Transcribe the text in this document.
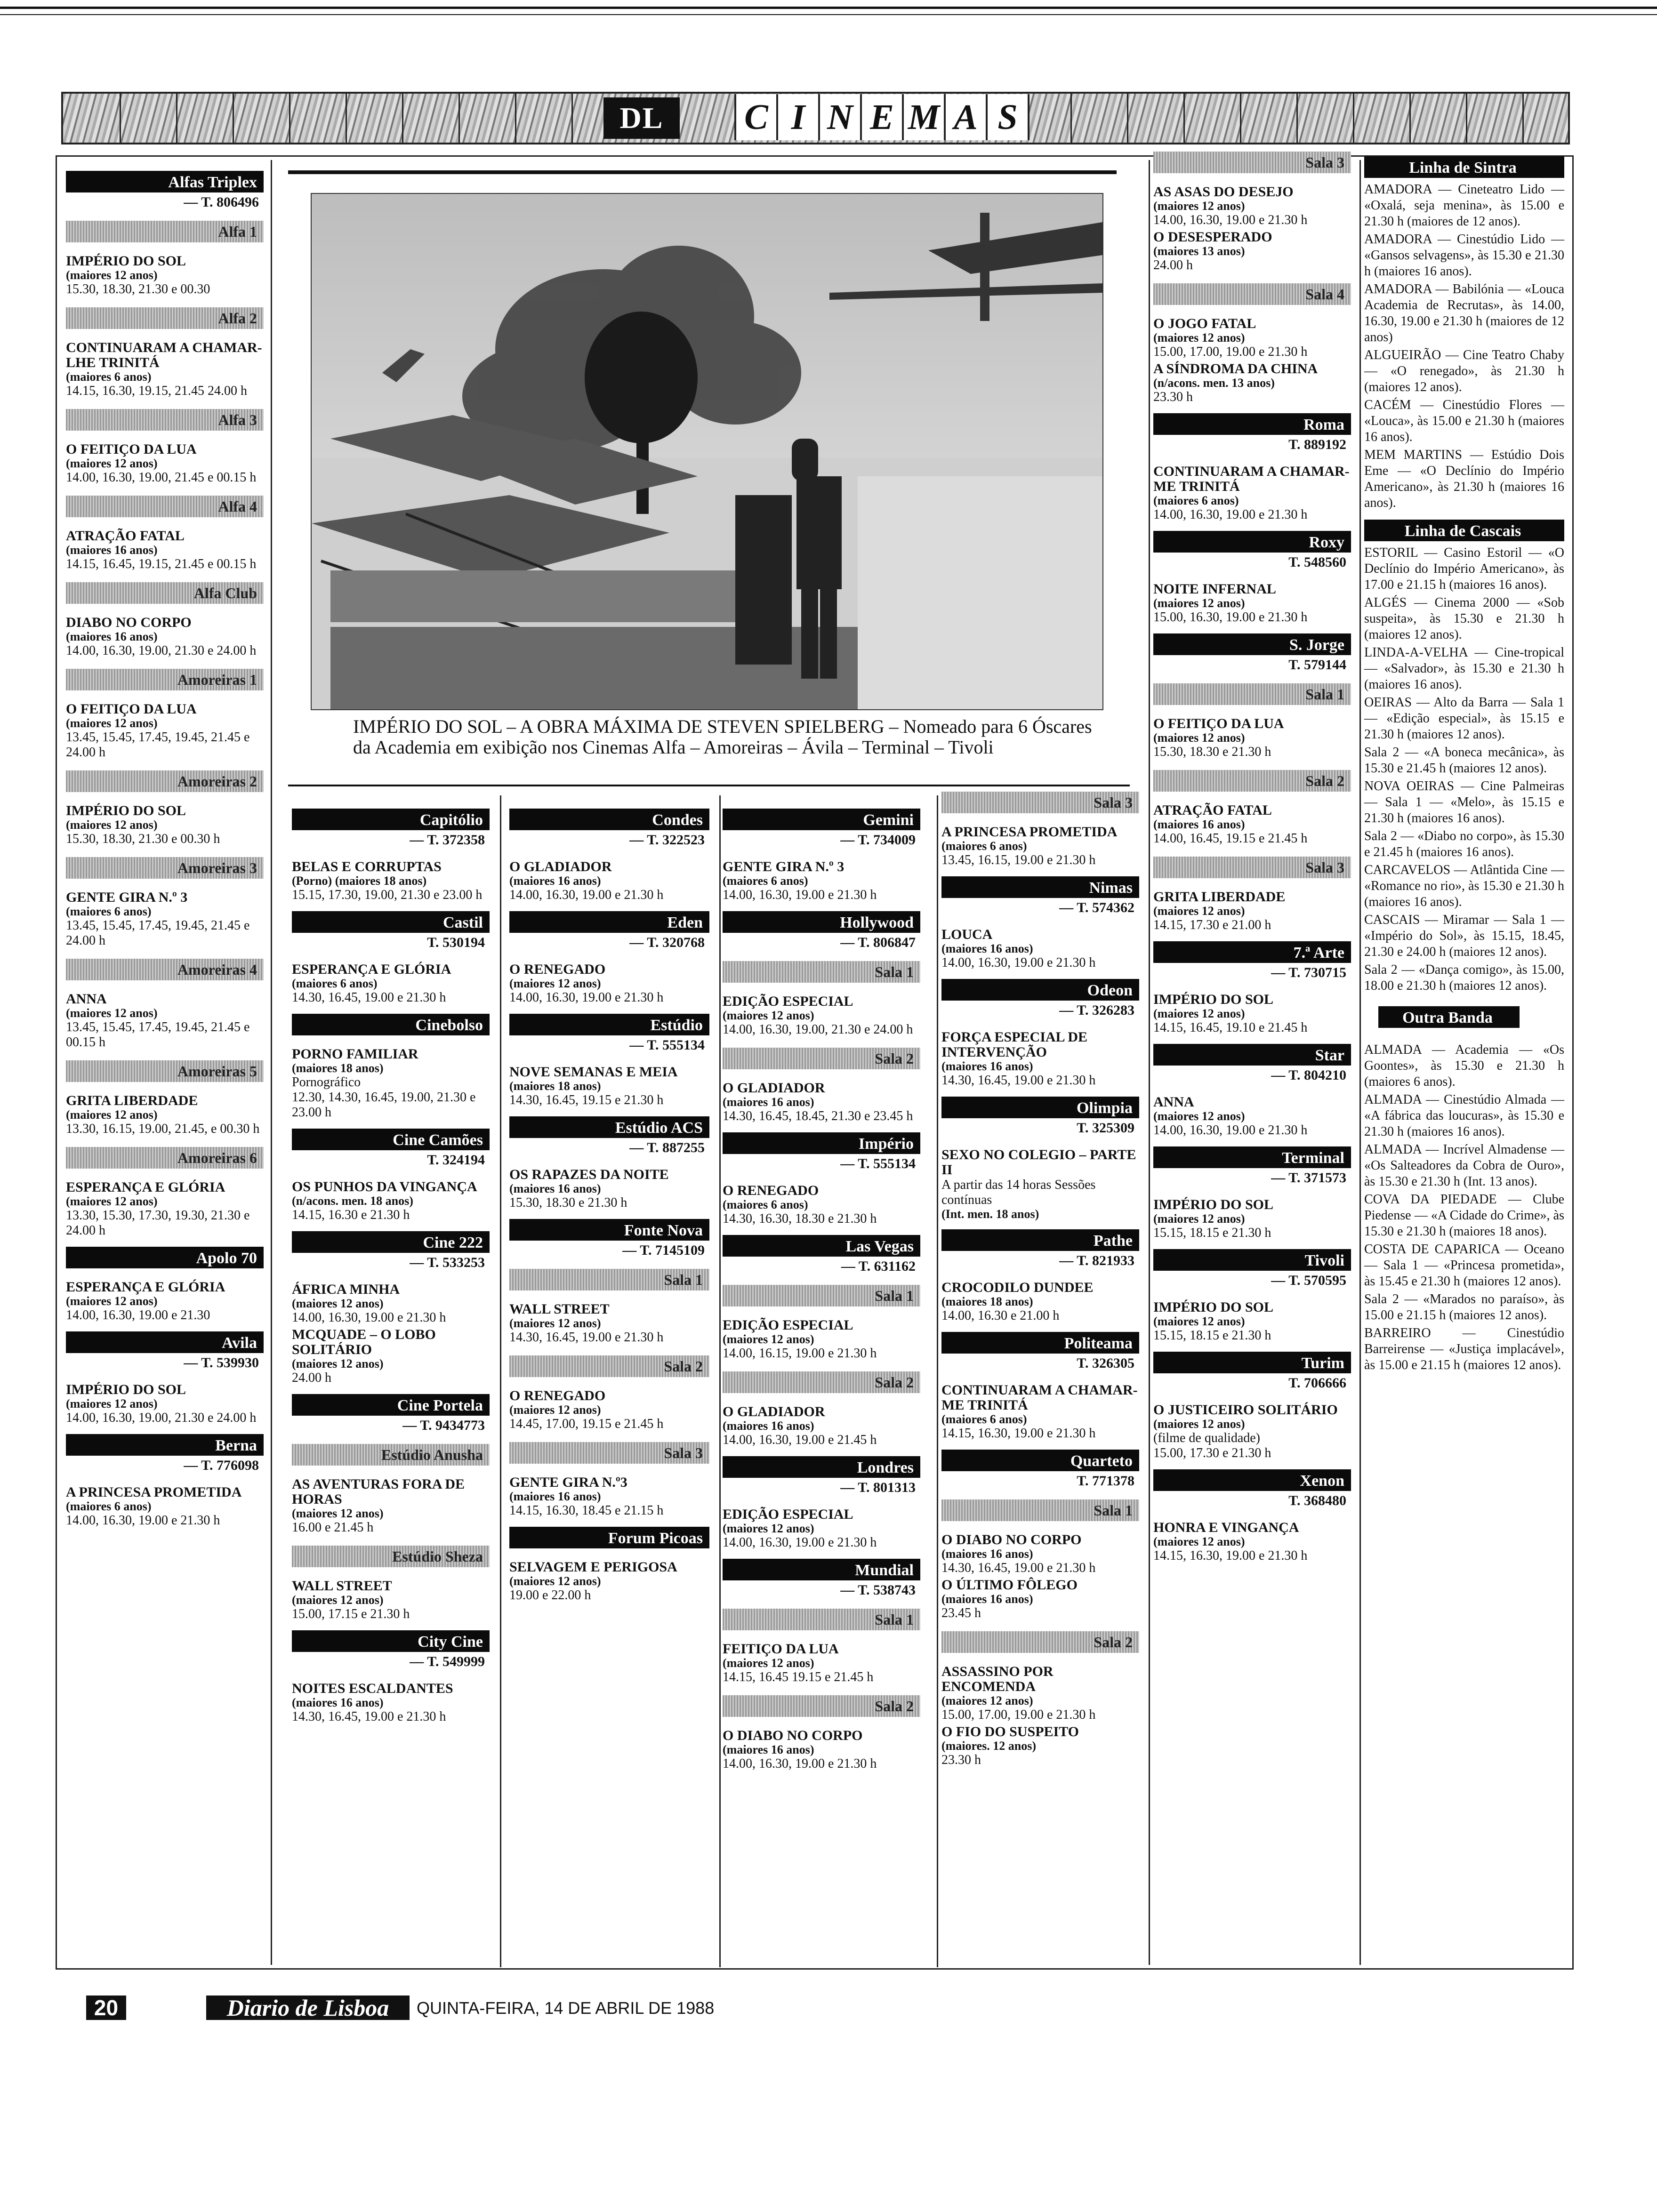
DL	C I N E M A S
IMPÉRIO DO SOL – A OBRA MÁXIMA DE STEVEN SPIELBERG – Nomeado para 6 Óscares da Academia em exibição nos Cinemas Alfa – Amoreiras – Ávila – Terminal – Tivoli
Alfas Triplex
— T. 806496
Alfa 1
IMPÉRIO DO SOL
(maiores 12 anos)
15.30, 18.30, 21.30 e 00.30
Alfa 2
CONTINUARAM A CHAMAR-LHE TRINITÁ
(maiores 6 anos)
14.15, 16.30, 19.15, 21.45 24.00 h
Alfa 3
O FEITIÇO DA LUA
(maiores 12 anos)
14.00, 16.30, 19.00, 21.45 e 00.15 h
Alfa 4
ATRAÇÃO FATAL
(maiores 16 anos)
14.15, 16.45, 19.15, 21.45 e 00.15 h
Alfa Club
DIABO NO CORPO
(maiores 16 anos)
14.00, 16.30, 19.00, 21.30 e 24.00 h
Amoreiras 1
O FEITIÇO DA LUA
(maiores 12 anos)
13.45, 15.45, 17.45, 19.45, 21.45 e 24.00 h
Amoreiras 2
IMPÉRIO DO SOL
(maiores 12 anos)
15.30, 18.30, 21.30 e 00.30 h
Amoreiras 3
GENTE GIRA N.º 3
(maiores 6 anos)
13.45, 15.45, 17.45, 19.45, 21.45 e 24.00 h
Amoreiras 4
ANNA
(maiores 12 anos)
13.45, 15.45, 17.45, 19.45, 21.45 e 00.15 h
Amoreiras 5
GRITA LIBERDADE
(maiores 12 anos)
13.30, 16.15, 19.00, 21.45, e 00.30 h
Amoreiras 6
ESPERANÇA E GLÓRIA
(maiores 12 anos)
13.30, 15.30, 17.30, 19.30, 21.30 e 24.00 h
Apolo 70
ESPERANÇA E GLÓRIA
(maiores 12 anos)
14.00, 16.30, 19.00 e 21.30
Avila
— T. 539930
IMPÉRIO DO SOL
(maiores 12 anos)
14.00, 16.30, 19.00, 21.30 e 24.00 h
Berna
— T. 776098
A PRINCESA PROMETIDA
(maiores 6 anos)
14.00, 16.30, 19.00 e 21.30 h
Capitólio
— T. 372358
BELAS E CORRUPTAS
(Porno) (maiores 18 anos)
15.15, 17.30, 19.00, 21.30 e 23.00 h
Castil
T. 530194
ESPERANÇA E GLÓRIA
(maiores 6 anos)
14.30, 16.45, 19.00 e 21.30 h
Cinebolso
PORNO FAMILIAR
(maiores 18 anos)
Pornográfico
12.30, 14.30, 16.45, 19.00, 21.30 e 23.00 h
Cine Camões
T. 324194
OS PUNHOS DA VINGANÇA
(n/acons. men. 18 anos)
14.15, 16.30 e 21.30 h
Cine 222
— T. 533253
ÁFRICA MINHA
(maiores 12 anos)
14.00, 16.30, 19.00 e 21.30 h
MCQUADE – O LOBO SOLITÁRIO
(maiores 12 anos)
24.00 h
Cine Portela
— T. 9434773
Estúdio Anusha
AS AVENTURAS FORA DE HORAS
(maiores 12 anos)
16.00 e 21.45 h
Estúdio Sheza
WALL STREET
(maiores 12 anos)
15.00, 17.15 e 21.30 h
City Cine
— T. 549999
NOITES ESCALDANTES
(maiores 16 anos)
14.30, 16.45, 19.00 e 21.30 h
Condes
— T. 322523
O GLADIADOR
(maiores 16 anos)
14.00, 16.30, 19.00 e 21.30 h
Eden
— T. 320768
O RENEGADO
(maiores 12 anos)
14.00, 16.30, 19.00 e 21.30 h
Estúdio
— T. 555134
NOVE SEMANAS E MEIA
(maiores 18 anos)
14.30, 16.45, 19.15 e 21.30 h
Estúdio ACS
— T. 887255
OS RAPAZES DA NOITE
(maiores 16 anos)
15.30, 18.30 e 21.30 h
Fonte Nova
— T. 7145109
Sala 1
WALL STREET
(maiores 12 anos)
14.30, 16.45, 19.00 e 21.30 h
Sala 2
O RENEGADO
(maiores 12 anos)
14.45, 17.00, 19.15 e 21.45 h
Sala 3
GENTE GIRA N.º3
(maiores 16 anos)
14.15, 16.30, 18.45 e 21.15 h
Forum Picoas
SELVAGEM E PERIGOSA
(maiores 12 anos)
19.00 e 22.00 h
Gemini
— T. 734009
GENTE GIRA N.º 3
(maiores 6 anos)
14.00, 16.30, 19.00 e 21.30 h
Hollywood
— T. 806847
Sala 1
EDIÇÃO ESPECIAL
(maiores 12 anos)
14.00, 16.30, 19.00, 21.30 e 24.00 h
Sala 2
O GLADIADOR
(maiores 16 anos)
14.30, 16.45, 18.45, 21.30 e 23.45 h
Império
— T. 555134
O RENEGADO
(maiores 6 anos)
14.30, 16.30, 18.30 e 21.30 h
Las Vegas
— T. 631162
Sala 1
EDIÇÃO ESPECIAL
(maiores 12 anos)
14.00, 16.15, 19.00 e 21.30 h
Sala 2
O GLADIADOR
(maiores 16 anos)
14.00, 16.30, 19.00 e 21.45 h
Londres
— T. 801313
EDIÇÃO ESPECIAL
(maiores 12 anos)
14.00, 16.30, 19.00 e 21.30 h
Mundial
— T. 538743
Sala 1
FEITIÇO DA LUA
(maiores 12 anos)
14.15, 16.45 19.15 e 21.45 h
Sala 2
O DIABO NO CORPO
(maiores 16 anos)
14.00, 16.30, 19.00 e 21.30 h
Sala 3
A PRINCESA PROMETIDA
(maiores 6 anos)
13.45, 16.15, 19.00 e 21.30 h
Nimas
— T. 574362
LOUCA
(maiores 16 anos)
14.00, 16.30, 19.00 e 21.30 h
Odeon
— T. 326283
FORÇA ESPECIAL DE INTERVENÇÃO
(maiores 16 anos)
14.30, 16.45, 19.00 e 21.30 h
Olimpia
T. 325309
SEXO NO COLEGIO – PARTE II
A partir das 14 horas Sessões contínuas
(Int. men. 18 anos)
Pathe
— T. 821933
CROCODILO DUNDEE
(maiores 18 anos)
14.00, 16.30 e 21.00 h
Politeama
T. 326305
CONTINUARAM A CHAMAR-ME TRINITÁ
(maiores 6 anos)
14.15, 16.30, 19.00 e 21.30 h
Quarteto
T. 771378
Sala 1
O DIABO NO CORPO
(maiores 16 anos)
14.30, 16.45, 19.00 e 21.30 h
O ÚLTIMO FÔLEGO
(maiores 16 anos)
23.45 h
Sala 2
ASSASSINO POR ENCOMENDA
(maiores 12 anos)
15.00, 17.00, 19.00 e 21.30 h
O FIO DO SUSPEITO
(maiores. 12 anos)
23.30 h
Sala 3
AS ASAS DO DESEJO
(maiores 12 anos)
14.00, 16.30, 19.00 e 21.30 h
O DESESPERADO
(maiores 13 anos)
24.00 h
Sala 4
O JOGO FATAL
(maiores 12 anos)
15.00, 17.00, 19.00 e 21.30 h
A SÍNDROMA DA CHINA
(n/acons. men. 13 anos)
23.30 h
Roma
T. 889192
CONTINUARAM A CHAMAR-ME TRINITÁ
(maiores 6 anos)
14.00, 16.30, 19.00 e 21.30 h
Roxy
T. 548560
NOITE INFERNAL
(maiores 12 anos)
15.00, 16.30, 19.00 e 21.30 h
S. Jorge
T. 579144
Sala 1
O FEITIÇO DA LUA
(maiores 12 anos)
15.30, 18.30 e 21.30 h
Sala 2
ATRAÇÃO FATAL
(maiores 16 anos)
14.00, 16.45, 19.15 e 21.45 h
Sala 3
GRITA LIBERDADE
(maiores 12 anos)
14.15, 17.30 e 21.00 h
7.ª Arte
— T. 730715
IMPÉRIO DO SOL
(maiores 12 anos)
14.15, 16.45, 19.10 e 21.45 h
Star
— T. 804210
ANNA
(maiores 12 anos)
14.00, 16.30, 19.00 e 21.30 h
Terminal
— T. 371573
IMPÉRIO DO SOL
(maiores 12 anos)
15.15, 18.15 e 21.30 h
Tivoli
— T. 570595
IMPÉRIO DO SOL
(maiores 12 anos)
15.15, 18.15 e 21.30 h
Turim
T. 706666
O JUSTICEIRO SOLITÁRIO
(maiores 12 anos)
(filme de qualidade)
15.00, 17.30 e 21.30 h
Xenon
T. 368480
HONRA E VINGANÇA
(maiores 12 anos)
14.15, 16.30, 19.00 e 21.30 h
Linha de Sintra

AMADORA — Cineteatro Lido — «Oxalá, seja menina», às 15.00 e 21.30 h (maiores de 12 anos).

AMADORA — Cinestúdio Lido — «Gansos selvagens», às 15.30 e 21.30 h (maiores 16 anos).

AMADORA — Babilónia — «Louca Academia de Recrutas», às 14.00, 16.30, 19.00 e 21.30 h (maiores de 12 anos)

ALGUEIRÃO — Cine Teatro Chaby — «O renegado», às 21.30 h (maiores 12 anos).

CACÉM — Cinestúdio Flores — «Louca», às 15.00 e 21.30 h (maiores 16 anos).

MEM MARTINS — Estúdio Dois Eme — «O Declínio do Império Americano», às 21.30 h (maiores 16 anos).

Linha de Cascais

ESTORIL — Casino Estoril — «O Declínio do Império Americano», às 17.00 e 21.15 h (maiores 16 anos).

ALGÉS — Cinema 2000 — «Sob suspeita», às 15.30 e 21.30 h (maiores 12 anos).

LINDA-A-VELHA — Cine-tropical — «Salvador», às 15.30 e 21.30 h (maiores 16 anos).

OEIRAS — Alto da Barra — Sala 1 — «Edição especial», às 15.15 e 21.30 h (maiores 12 anos).

Sala 2 — «A boneca mecânica», às 15.30 e 21.45 h (maiores 12 anos).

NOVA OEIRAS — Cine Palmeiras — Sala 1 — «Melo», às 15.15 e 21.30 h (maiores 16 anos).

Sala 2 — «Diabo no corpo», às 15.30 e 21.45 h (maiores 16 anos).

CARCAVELOS — Atlântida Cine — «Romance no rio», às 15.30 e 21.30 h (maiores 16 anos).

CASCAIS — Miramar — Sala 1 — «Império do Sol», às 15.15, 18.45, 21.30 e 24.00 h (maiores 12 anos).

Sala 2 — «Dança comigo», às 15.00, 18.00 e 21.30 h (maiores 12 anos).

Outra Banda

ALMADA — Academia — «Os Goontes», às 15.30 e 21.30 h (maiores 6 anos).

ALMADA — Cinestúdio Almada — «A fábrica das loucuras», às 15.30 e 21.30 h (maiores 16 anos).

ALMADA — Incrível Almadense — «Os Salteadores da Cobra de Ouro», às 15.30 e 21.30 h (Int. 13 anos).

COVA DA PIEDADE — Clube Piedense — «A Cidade do Crime», às 15.30 e 21.30 h (maiores 18 anos).

COSTA DE CAPARICA — Oceano — Sala 1 — «Princesa prometida», às 15.45 e 21.30 h (maiores 12 anos).

Sala 2 — «Marados no paraíso», às 15.00 e 21.15 h (maiores 12 anos).

BARREIRO — Cinestúdio Barreirense — «Justiça implacável», às 15.00 e 21.15 h (maiores 12 anos).

20	Diario de Lisboa	QUINTA-FEIRA, 14 DE ABRIL DE 1988
